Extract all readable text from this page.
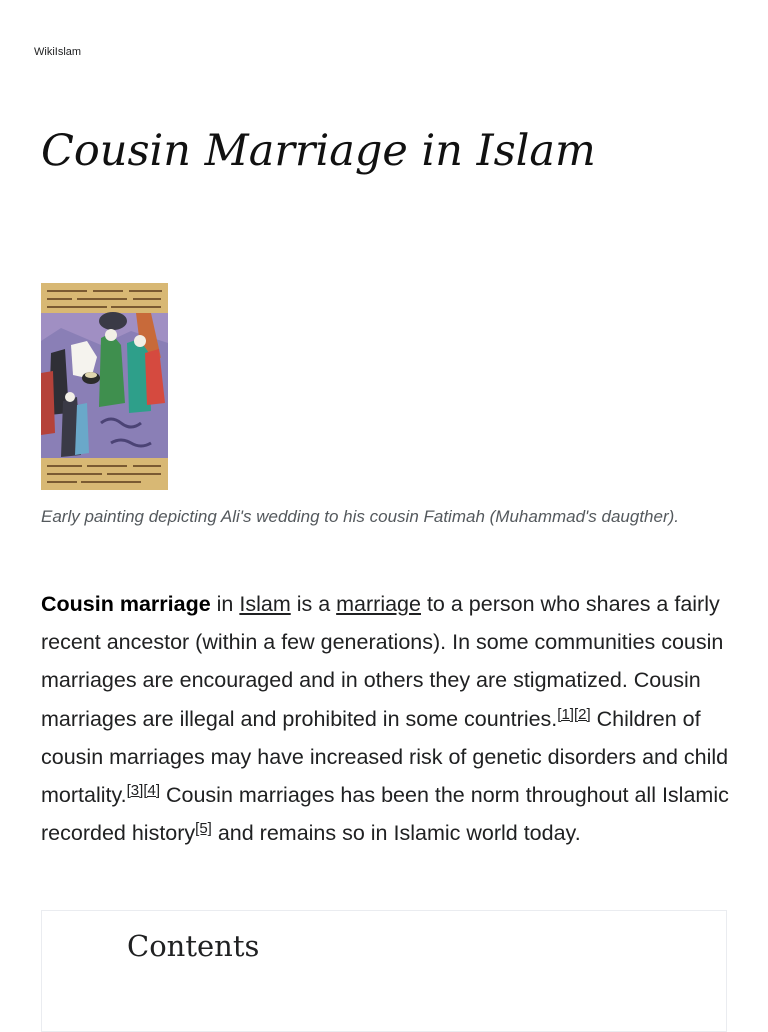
WikiIslam
Cousin Marriage in Islam
Early painting depicting Ali's wedding to his cousin Fatimah (Muhammad's daugther).

Cousin marriage in Islam is a marriage to a person who shares a fairly recent ancestor (within a few generations). In some communities cousin marriages are encouraged and in others they are stigmatized. Cousin marriages are illegal and prohibited in some countries.[1][2] Children of cousin marriages may have increased risk of genetic disorders and child mortality.[3][4] Cousin marriages has been the norm throughout all Islamic recorded history[5] and remains so in Islamic world today.

Contents
